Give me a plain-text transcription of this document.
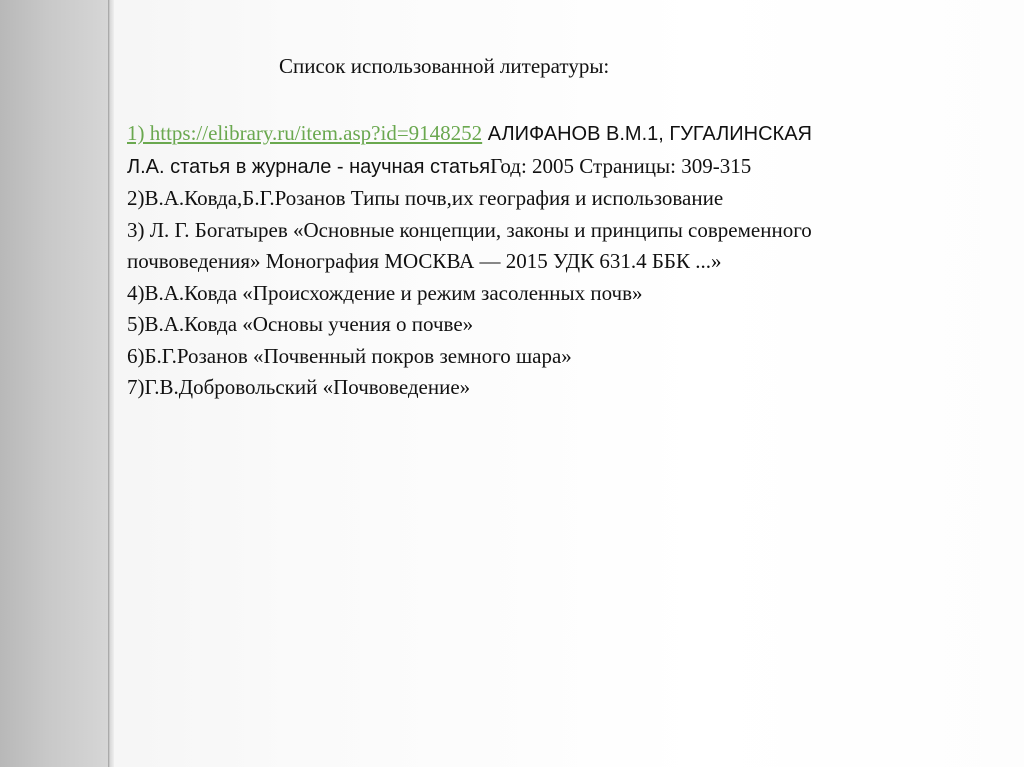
Список использованной литературы:
1) https://elibrary.ru/item.asp?id=9148252 АЛИФАНОВ В.М.1, ГУГАЛИНСКАЯ
Л.А. статья в журнале - научная статьяГод: 2005 Страницы: 309-315
2)В.А.Ковда,Б.Г.Розанов Типы почв,их география и использование
3) Л. Г. Богатырев «Основные концепции, законы и принципы современного
почвоведения» Монография МОСКВА — 2015 УДК 631.4 ББК ...»
4)В.А.Ковда «Происхождение и режим засоленных почв»
5)В.А.Ковда «Основы учения о почве»
6)Б.Г.Розанов «Почвенный покров земного шара»
7)Г.В.Добровольский «Почвоведение»
